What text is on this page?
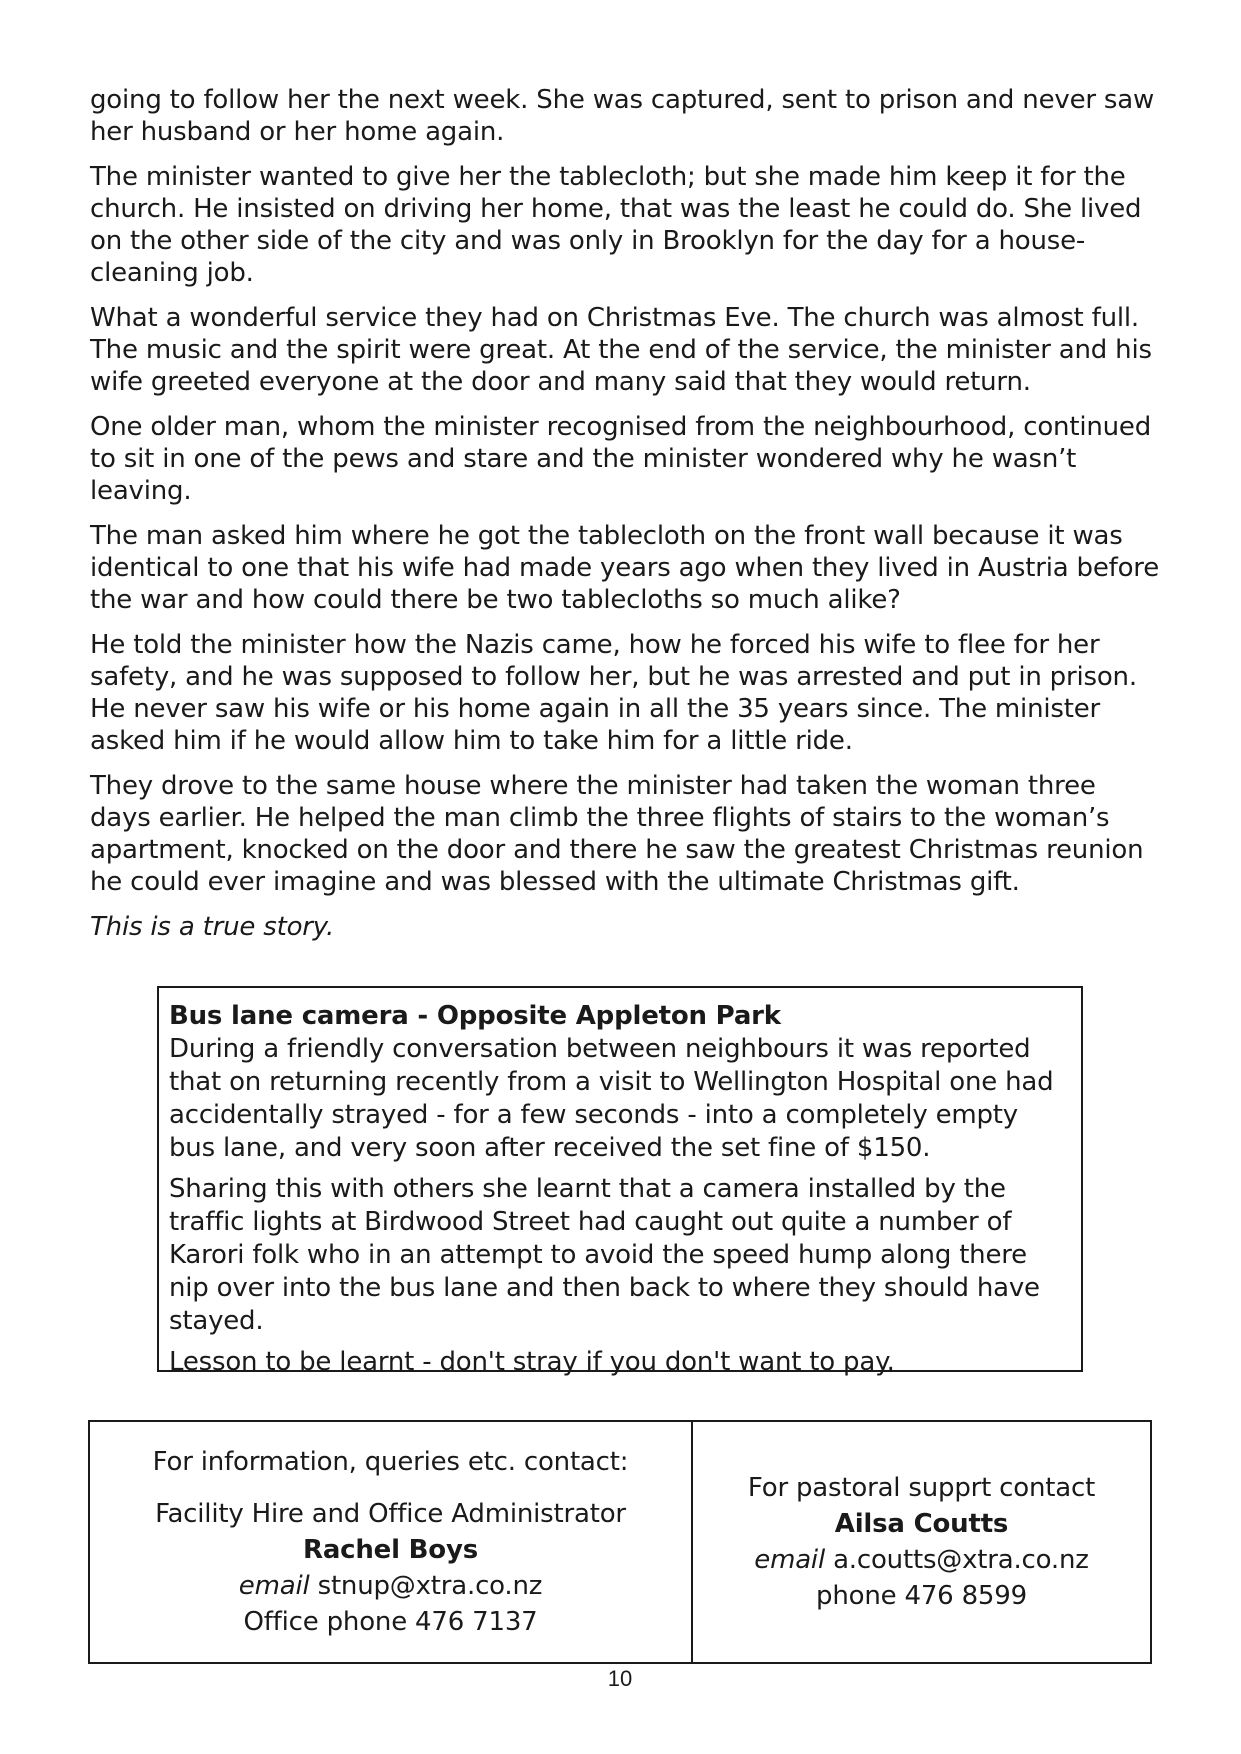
going to follow her the next week. She was captured, sent to prison and never saw her husband or her home again.

The minister wanted to give her the tablecloth; but she made him keep it for the church. He insisted on driving her home, that was the least he could do. She lived on the other side of the city and was only in Brooklyn for the day for a house-cleaning job.

What a wonderful service they had on Christmas Eve. The church was almost full. The music and the spirit were great. At the end of the service, the minister and his wife greeted everyone at the door and many said that they would return.

One older man, whom the minister recognised from the neighbourhood, continued to sit in one of the pews and stare and the minister wondered why he wasn’t leaving.

The man asked him where he got the tablecloth on the front wall because it was identical to one that his wife had made years ago when they lived in Austria before the war and how could there be two tablecloths so much alike?

He told the minister how the Nazis came, how he forced his wife to flee for her safety, and he was supposed to follow her, but he was arrested and put in prison. He never saw his wife or his home again in all the 35 years since. The minister asked him if he would allow him to take him for a little ride.

They drove to the same house where the minister had taken the woman three days earlier. He helped the man climb the three flights of stairs to the woman’s apartment, knocked on the door and there he saw the greatest Christmas reunion he could ever imagine and was blessed with the ultimate Christmas gift.

This is a true story.

Bus lane camera - Opposite Appleton Park

During a friendly conversation between neighbours it was reported that on returning recently from a visit to Wellington Hospital one had accidentally strayed - for a few seconds - into a completely empty bus lane, and very soon after received the set fine of $150.

Sharing this with others she learnt that a camera installed by the traffic lights at Birdwood Street had caught out quite a number of Karori folk who in an attempt to avoid the speed hump along there nip over into the bus lane and then back to where they should have stayed.

Lesson to be learnt - don't stray if you don't want to pay.

For information, queries etc. contact:
Facility Hire and Office Administrator
Rachel Boys
email stnup@xtra.co.nz
Office phone 476 7137
For pastoral supprt contact
Ailsa Coutts
email a.coutts@xtra.co.nz
phone 476 8599
10
